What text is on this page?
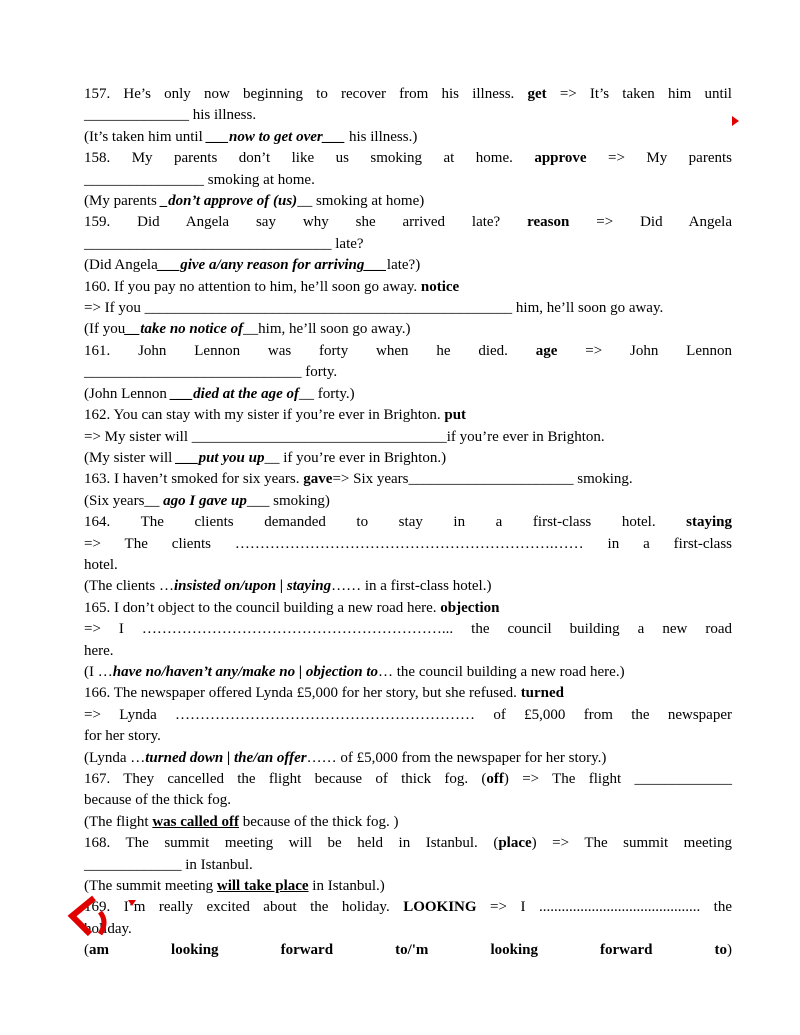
157. He’s only now beginning to recover from his illness. get => It’s taken him until
______________ his illness.
(It’s taken him until ___now to get over___ his illness.)
158. My parents don’t like us smoking at home. approve => My parents
________________ smoking at home.
(My parents _don’t approve of (us)__ smoking at home)
159. Did Angela say why she arrived late? reason => Did Angela
_________________________________ late?
(Did Angela___give a/any reason for arriving___late?)
160. If you pay no attention to him, he’ll soon go away. notice
=> If you _________________________________________________ him, he’ll soon go away.
(If you__take no notice of__him, he’ll soon go away.)
161. John Lennon was forty when he died. age => John Lennon
_____________________________ forty.
(John Lennon ___died at the age of__ forty.)
162. You can stay with my sister if you’re ever in Brighton. put
=> My sister will __________________________________if you’re ever in Brighton.
(My sister will ___put you up__ if you’re ever in Brighton.)
163. I haven’t smoked for six years. gave=> Six years______________________ smoking.
(Six years__ ago I gave up___ smoking)
164. The clients demanded to stay in a first-class hotel. staying
=> The clients ……………………………………………………….…… in a first-class
hotel.
(The clients …insisted on/upon | staying…… in a first-class hotel.)
165. I don’t object to the council building a new road here. objection
=> I ……………………………………………………... the council building a new road
here.
(I …have no/haven’t any/make no | objection to… the council building a new road here.)
166. The newspaper offered Lynda £5,000 for her story, but she refused. turned
=> Lynda …………………………………………………… of £5,000 from the newspaper
for her story.
(Lynda …turned down | the/an offer…… of £5,000 from the newspaper for her story.)
167. They cancelled the flight because of thick fog. (off) => The flight _____________
because of the thick fog.
(The flight was called off because of the thick fog. )
168. The summit meeting will be held in Istanbul. (place) => The summit meeting
_____________ in Istanbul.
(The summit meeting will take place in Istanbul.)
169. I’m really excited about the holiday. LOOKING => I ........................................... the
holiday.
(am looking forward to/'m looking forward to)
